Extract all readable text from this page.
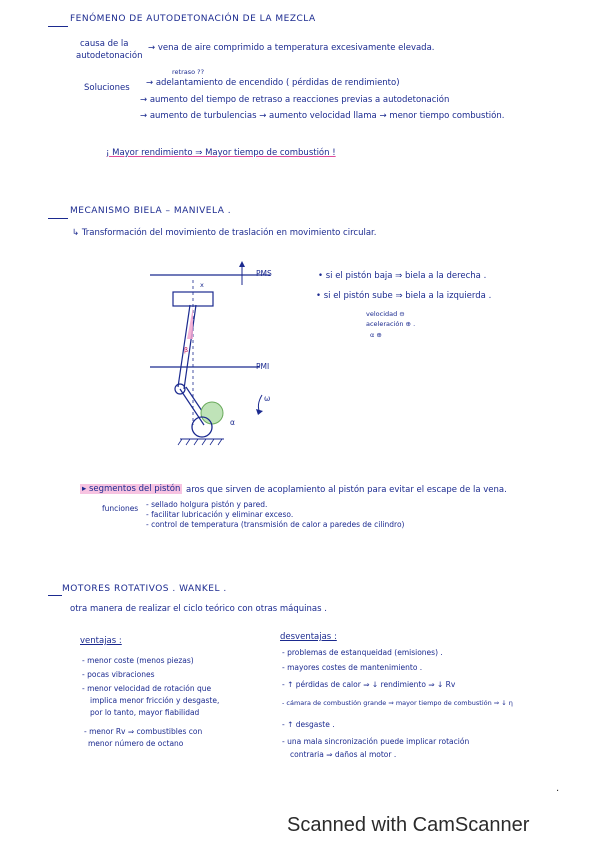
FENÓMENO DE AUTODETONACIÓN DE LA MEZCLA
causa de la
autodetonación
→ vena de aire comprimido a temperatura excesivamente elevada.
retraso ??
Soluciones → adelantamiento de encendido ( pérdidas de rendimiento)
→ aumento del tiempo de retraso a reacciones previas a autodetonación
→ aumento de turbulencias → aumento velocidad llama → menor tiempo combustión.
¡ Mayor rendimiento ⇒ Mayor tiempo de combustión !
MECANISMO BIELA – MANIVELA .
↳ Transformación del movimiento de traslación en movimiento circular.
PMS
PMI
x
β
ω
α
• si el pistón baja ⇒ biela a la derecha .
• si el pistón sube ⇒ biela a la izquierda .
velocidad ⊖
aceleración ⊕ .
α ⊕
▸ segmentos del pistón aros que sirven de acoplamiento al pistón para evitar el escape de la vena.
funciones - sellado holgura pistón y pared.
- facilitar lubricación y eliminar exceso.
- control de temperatura (transmisión de calor a paredes de cilindro)
MOTORES ROTATIVOS . WANKEL .
otra manera de realizar el ciclo teórico con otras máquinas .
ventajas :
- menor coste (menos piezas)
- pocas vibraciones
- menor velocidad de rotación que
implica menor fricción y desgaste,
por lo tanto, mayor fiabilidad
- menor Rv ⇒ combustibles con
menor número de octano
desventajas :
- problemas de estanqueidad (emisiones) .
- mayores costes de mantenimiento .
- ↑ pérdidas de calor ⇒ ↓ rendimiento ⇒ ↓ Rv
- cámara de combustión grande ⇒ mayor tiempo de combustión ⇒ ↓ η
- ↑ desgaste .
- una mala sincronización puede implicar rotación
contraria ⇒ daños al motor .
·
Scanned with CamScanner
